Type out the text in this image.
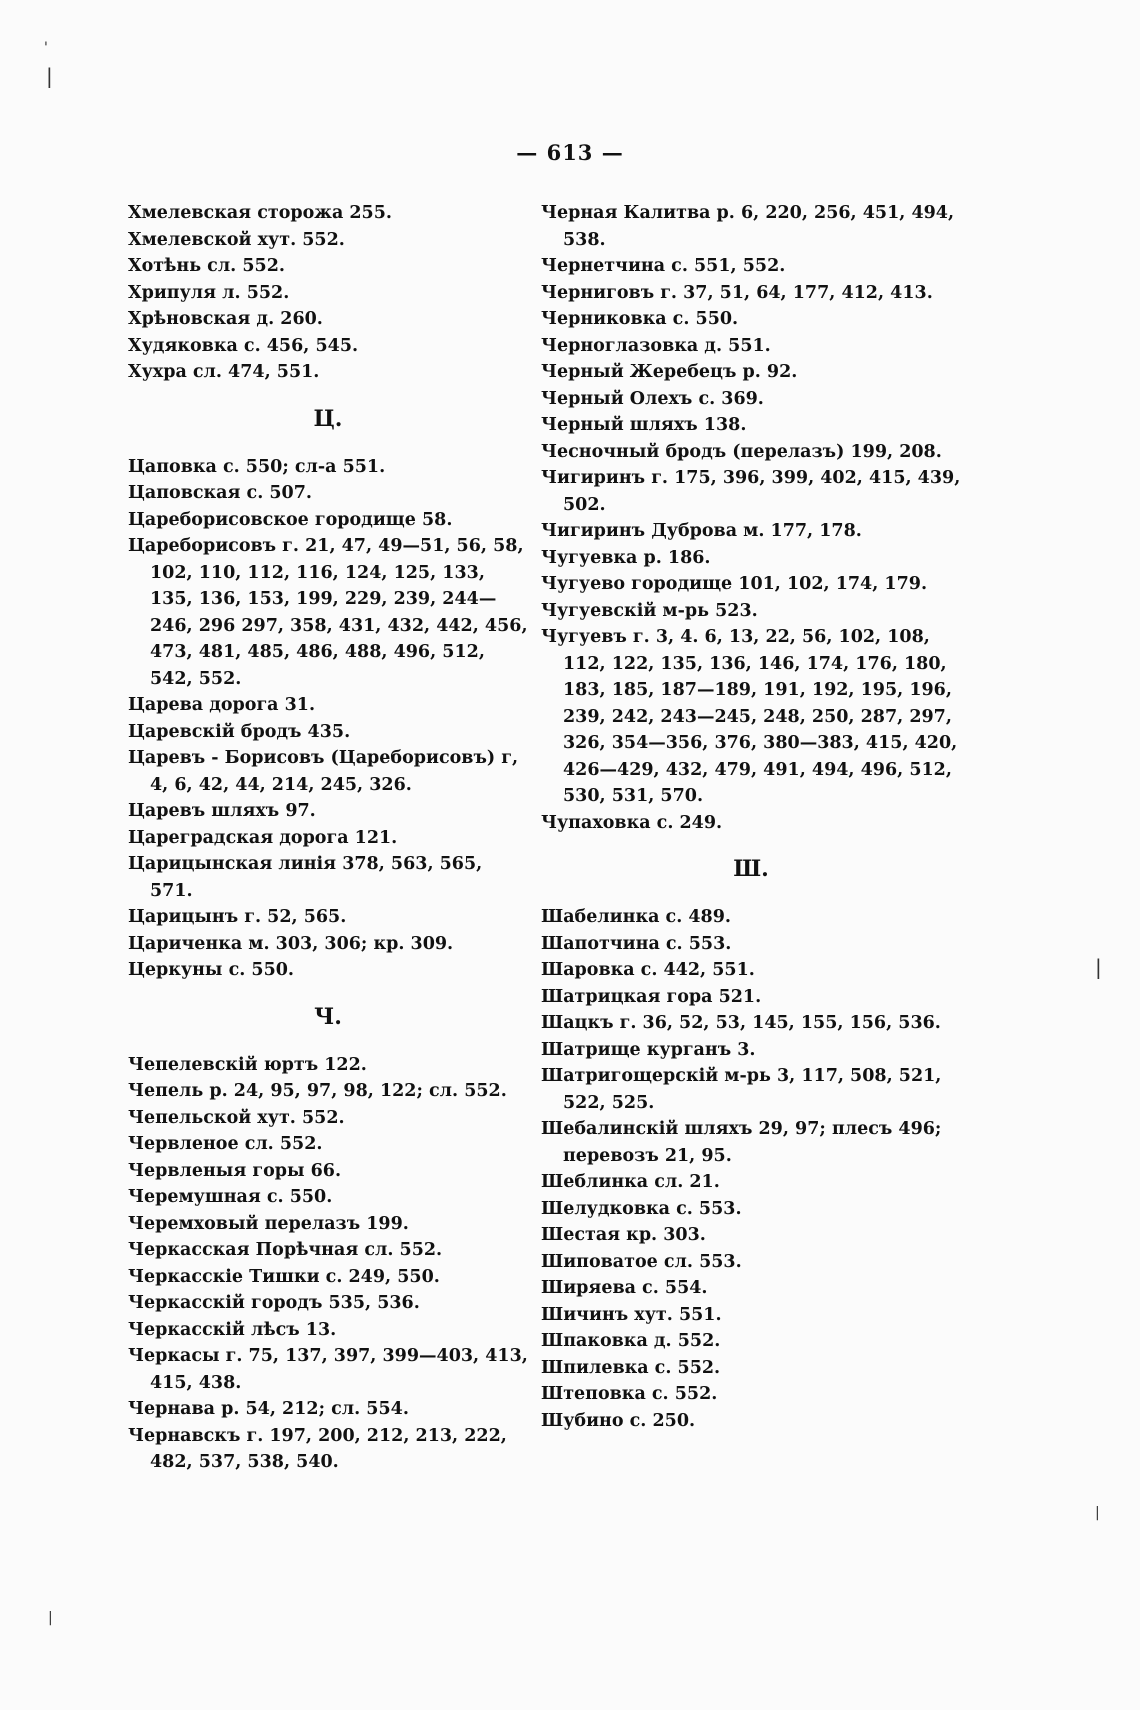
— 613 —
Хмелевская сторожа 255.
Хмелевской хут. 552.
Хотѣнь сл. 552.
Хрипуля л. 552.
Хрѣновская д. 260.
Худяковка с. 456, 545.
Хухра сл. 474, 551.
Ц.
Цаповка с. 550; сл-а 551.
Цаповская с. 507.
Цареборисовское городище 58.
Цареборисовъ г. 21, 47, 49—51, 56, 58, 102, 110, 112, 116, 124, 125, 133, 135, 136, 153, 199, 229, 239, 244—246, 296 297, 358, 431, 432, 442, 456, 473, 481, 485, 486, 488, 496, 512, 542, 552.
Царева дорога 31.
Царевскій бродъ 435.
Царевъ - Борисовъ (Цареборисовъ) г, 4, 6, 42, 44, 214, 245, 326.
Царевъ шляхъ 97.
Цареградская дорога 121.
Царицынская линія 378, 563, 565, 571.
Царицынъ г. 52, 565.
Цариченка м. 303, 306; кр. 309.
Церкуны с. 550.
Ч.
Чепелевскій юртъ 122.
Чепель р. 24, 95, 97, 98, 122; сл. 552.
Чепельской хут. 552.
Червленое сл. 552.
Червленыя горы 66.
Черемушная с. 550.
Черемховый перелазъ 199.
Черкасская Порѣчная сл. 552.
Черкасскіе Тишки с. 249, 550.
Черкасскій городъ 535, 536.
Черкасскій лѣсъ 13.
Черкасы г. 75, 137, 397, 399—403, 413, 415, 438.
Чернава р. 54, 212; сл. 554.
Чернавскъ г. 197, 200, 212, 213, 222, 482, 537, 538, 540.
Черная Калитва р. 6, 220, 256, 451, 494, 538.
Чернетчина с. 551, 552.
Черниговъ г. 37, 51, 64, 177, 412, 413.
Черниковка с. 550.
Черноглазовка д. 551.
Черный Жеребецъ р. 92.
Черный Олехъ с. 369.
Черный шляхъ 138.
Чесночный бродъ (перелазъ) 199, 208.
Чигиринъ г. 175, 396, 399, 402, 415, 439, 502.
Чигиринъ Дуброва м. 177, 178.
Чугуевка р. 186.
Чугуево городище 101, 102, 174, 179.
Чугуевскій м-рь 523.
Чугуевъ г. 3, 4. 6, 13, 22, 56, 102, 108, 112, 122, 135, 136, 146, 174, 176, 180, 183, 185, 187—189, 191, 192, 195, 196, 239, 242, 243—245, 248, 250, 287, 297, 326, 354—356, 376, 380—383, 415, 420, 426—429, 432, 479, 491, 494, 496, 512, 530, 531, 570.
Чупаховка с. 249.
Ш.
Шабелинка с. 489.
Шапотчина с. 553.
Шаровка с. 442, 551.
Шатрицкая гора 521.
Шацкъ г. 36, 52, 53, 145, 155, 156, 536.
Шатрище курганъ 3.
Шатригощерскій м-рь 3, 117, 508, 521, 522, 525.
Шебалинскій шляхъ 29, 97; плесъ 496; перевозъ 21, 95.
Шеблинка сл. 21.
Шелудковка с. 553.
Шестая кр. 303.
Шиповатое сл. 553.
Ширяева с. 554.
Шичинъ хут. 551.
Шпаковка д. 552.
Шпилевка с. 552.
Штеповка с. 552.
Шубино с. 250.
'
|
|
|
|
